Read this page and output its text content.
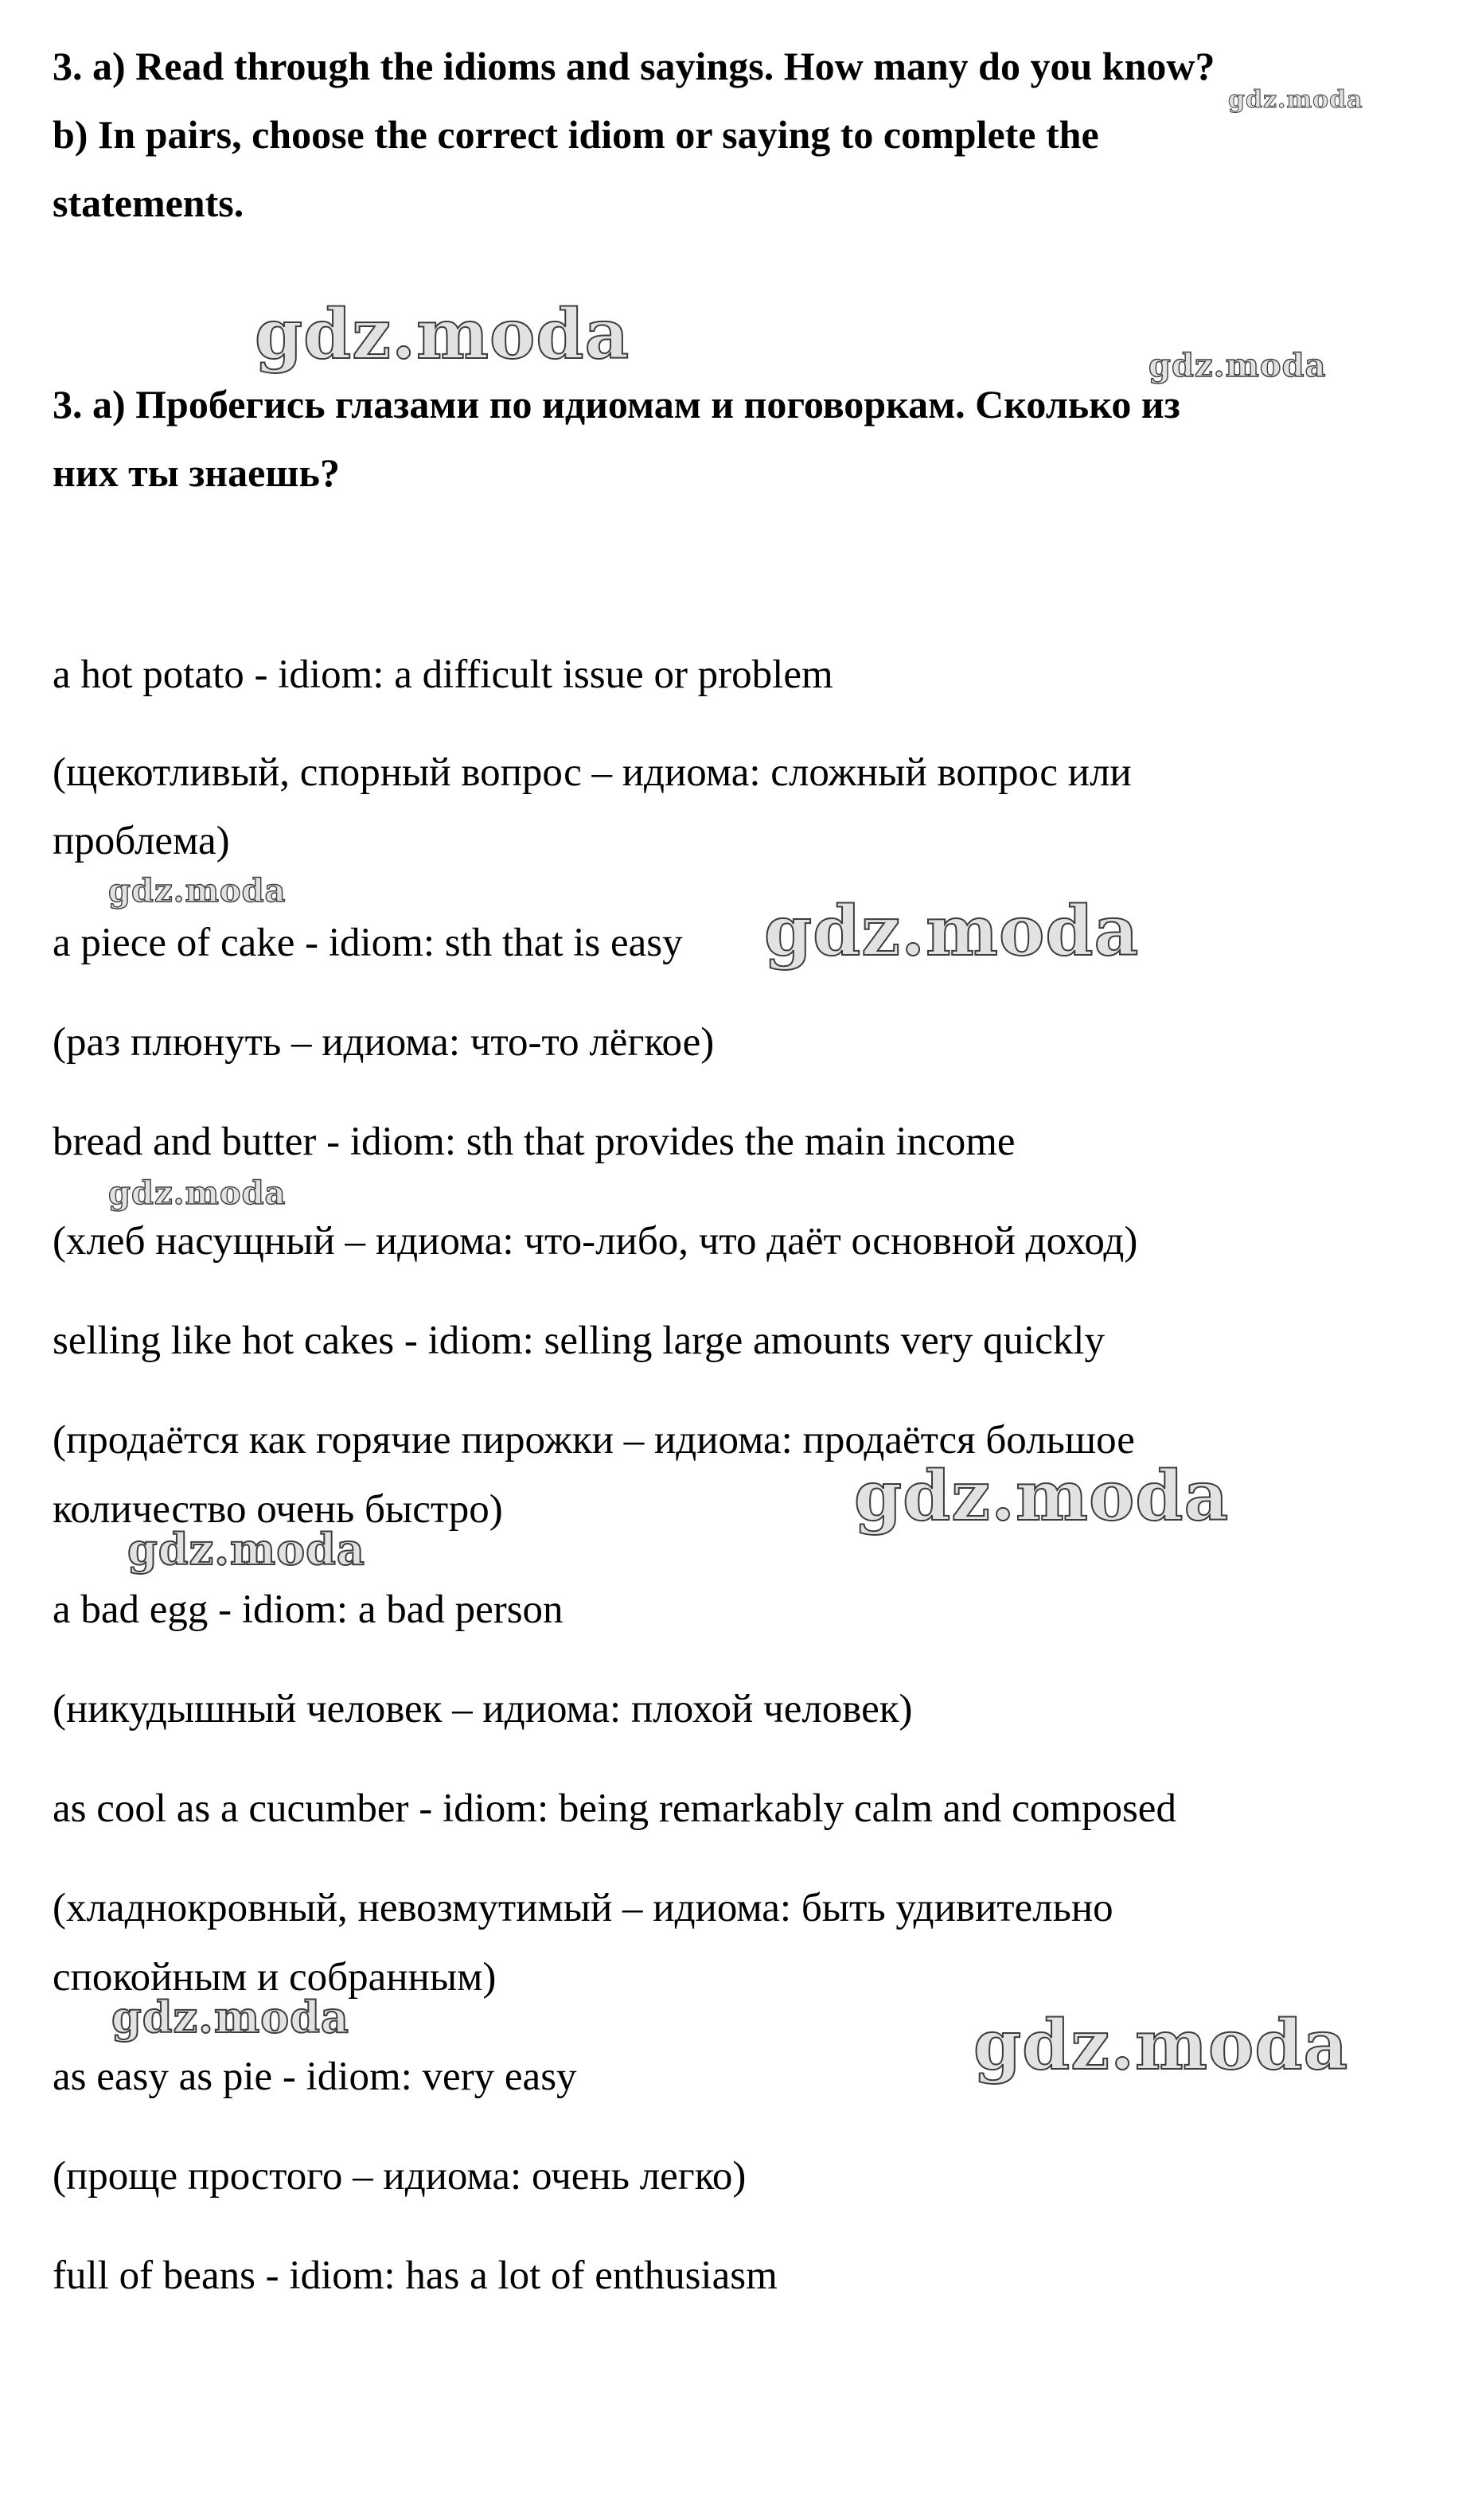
3. a) Read through the idioms and sayings. How many do you know?

b) In pairs, choose the correct idiom or saying to complete the

statements.

3. a) Пробегись глазами по идиомам и поговоркам. Сколько из

них ты знаешь?

a hot potato - idiom: a difficult issue or problem

(щекотливый, спорный вопрос – идиома: сложный вопрос или

проблема)

a piece of cake - idiom: sth that is easy

(раз плюнуть – идиома: что-то лёгкое)

bread and butter - idiom: sth that provides the main income

(хлеб насущный – идиома: что-либо, что даёт основной доход)

selling like hot cakes - idiom: selling large amounts very quickly

(продаётся как горячие пирожки – идиома: продаётся большое

количество очень быстро)

a bad egg - idiom: a bad person

(никудышный человек – идиома: плохой человек)

as cool as a cucumber - idiom: being remarkably calm and composed

(хладнокровный, невозмутимый – идиома: быть удивительно

спокойным и собранным)

as easy as pie - idiom: very easy

(проще простого – идиома: очень легко)

full of beans - idiom: has a lot of enthusiasm

gdz.moda
gdz.moda	gdz.moda
gdz.moda
gdz.moda
gdz.moda
gdz.moda
gdz.moda
gdz.moda	gdz.moda
